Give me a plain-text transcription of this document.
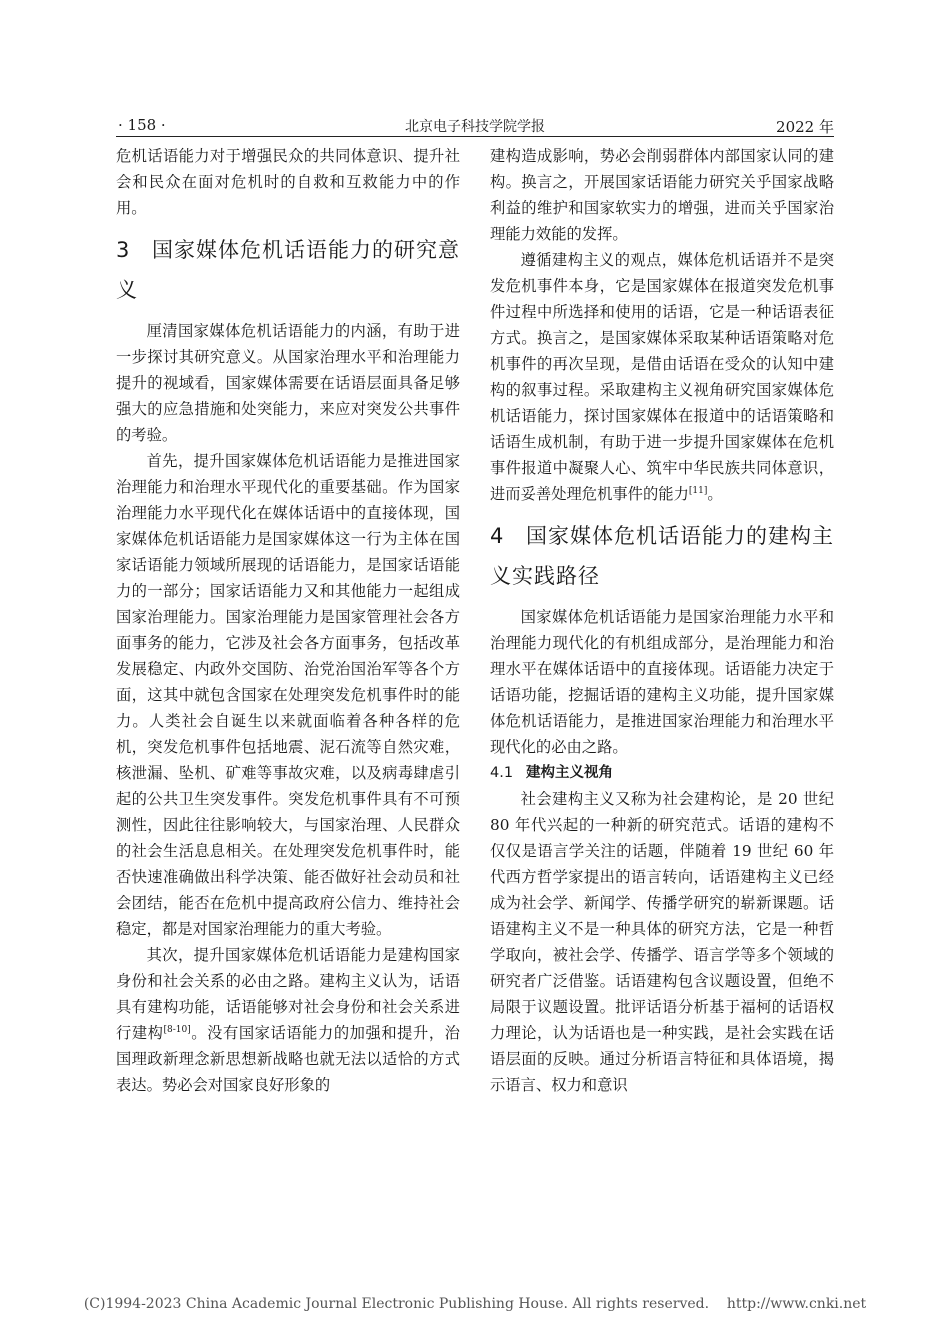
· 158 ·	北京电子科技学院学报	2022 年

危机话语能力对于增强民众的共同体意识、提升社会和民众在面对危机时的自救和互救能力中的作用。

3 国家媒体危机话语能力的研究意义

厘清国家媒体危机话语能力的内涵，有助于进一步探讨其研究意义。从国家治理水平和治理能力提升的视域看，国家媒体需要在话语层面具备足够强大的应急措施和处突能力，来应对突发公共事件的考验。

首先，提升国家媒体危机话语能力是推进国家治理能力和治理水平现代化的重要基础。作为国家治理能力水平现代化在媒体话语中的直接体现，国家媒体危机话语能力是国家媒体这一行为主体在国家话语能力领域所展现的话语能力，是国家话语能力的一部分；国家话语能力又和其他能力一起组成国家治理能力。国家治理能力是国家管理社会各方面事务的能力，它涉及社会各方面事务，包括改革发展稳定、内政外交国防、治党治国治军等各个方面，这其中就包含国家在处理突发危机事件时的能力。人类社会自诞生以来就面临着各种各样的危机，突发危机事件包括地震、泥石流等自然灾难，核泄漏、坠机、矿难等事故灾难，以及病毒肆虐引起的公共卫生突发事件。突发危机事件具有不可预测性，因此往往影响较大，与国家治理、人民群众的社会生活息息相关。在处理突发危机事件时，能否快速准确做出科学决策、能否做好社会动员和社会团结，能否在危机中提高政府公信力、维持社会稳定，都是对国家治理能力的重大考验。

其次，提升国家媒体危机话语能力是建构国家身份和社会关系的必由之路。建构主义认为，话语具有建构功能，话语能够对社会身份和社会关系进行建构[8-10]。没有国家话语能力的加强和提升，治国理政新理念新思想新战略也就无法以适恰的方式表达。势必会对国家良好形象的

建构造成影响，势必会削弱群体内部国家认同的建构。换言之，开展国家话语能力研究关乎国家战略利益的维护和国家软实力的增强，进而关乎国家治理能力效能的发挥。

遵循建构主义的观点，媒体危机话语并不是突发危机事件本身，它是国家媒体在报道突发危机事件过程中所选择和使用的话语，它是一种话语表征方式。换言之，是国家媒体采取某种话语策略对危机事件的再次呈现，是借由话语在受众的认知中建构的叙事过程。采取建构主义视角研究国家媒体危机话语能力，探讨国家媒体在报道中的话语策略和话语生成机制，有助于进一步提升国家媒体在危机事件报道中凝聚人心、筑牢中华民族共同体意识，进而妥善处理危机事件的能力[11]。

4 国家媒体危机话语能力的建构主义实践路径

国家媒体危机话语能力是国家治理能力水平和治理能力现代化的有机组成部分，是治理能力和治理水平在媒体话语中的直接体现。话语能力决定于话语功能，挖掘话语的建构主义功能，提升国家媒体危机话语能力，是推进国家治理能力和治理水平现代化的必由之路。

4.1 建构主义视角

社会建构主义又称为社会建构论，是 20 世纪 80 年代兴起的一种新的研究范式。话语的建构不仅仅是语言学关注的话题，伴随着 19 世纪 60 年代西方哲学家提出的语言转向，话语建构主义已经成为社会学、新闻学、传播学研究的崭新课题。话语建构主义不是一种具体的研究方法，它是一种哲学取向，被社会学、传播学、语言学等多个领域的研究者广泛借鉴。话语建构包含议题设置，但绝不局限于议题设置。批评话语分析基于福柯的话语权力理论，认为话语也是一种实践，是社会实践在话语层面的反映。通过分析语言特征和具体语境，揭示语言、权力和意识

(C)1994-2023 China Academic Journal Electronic Publishing House. All rights reserved.    http://www.cnki.net
